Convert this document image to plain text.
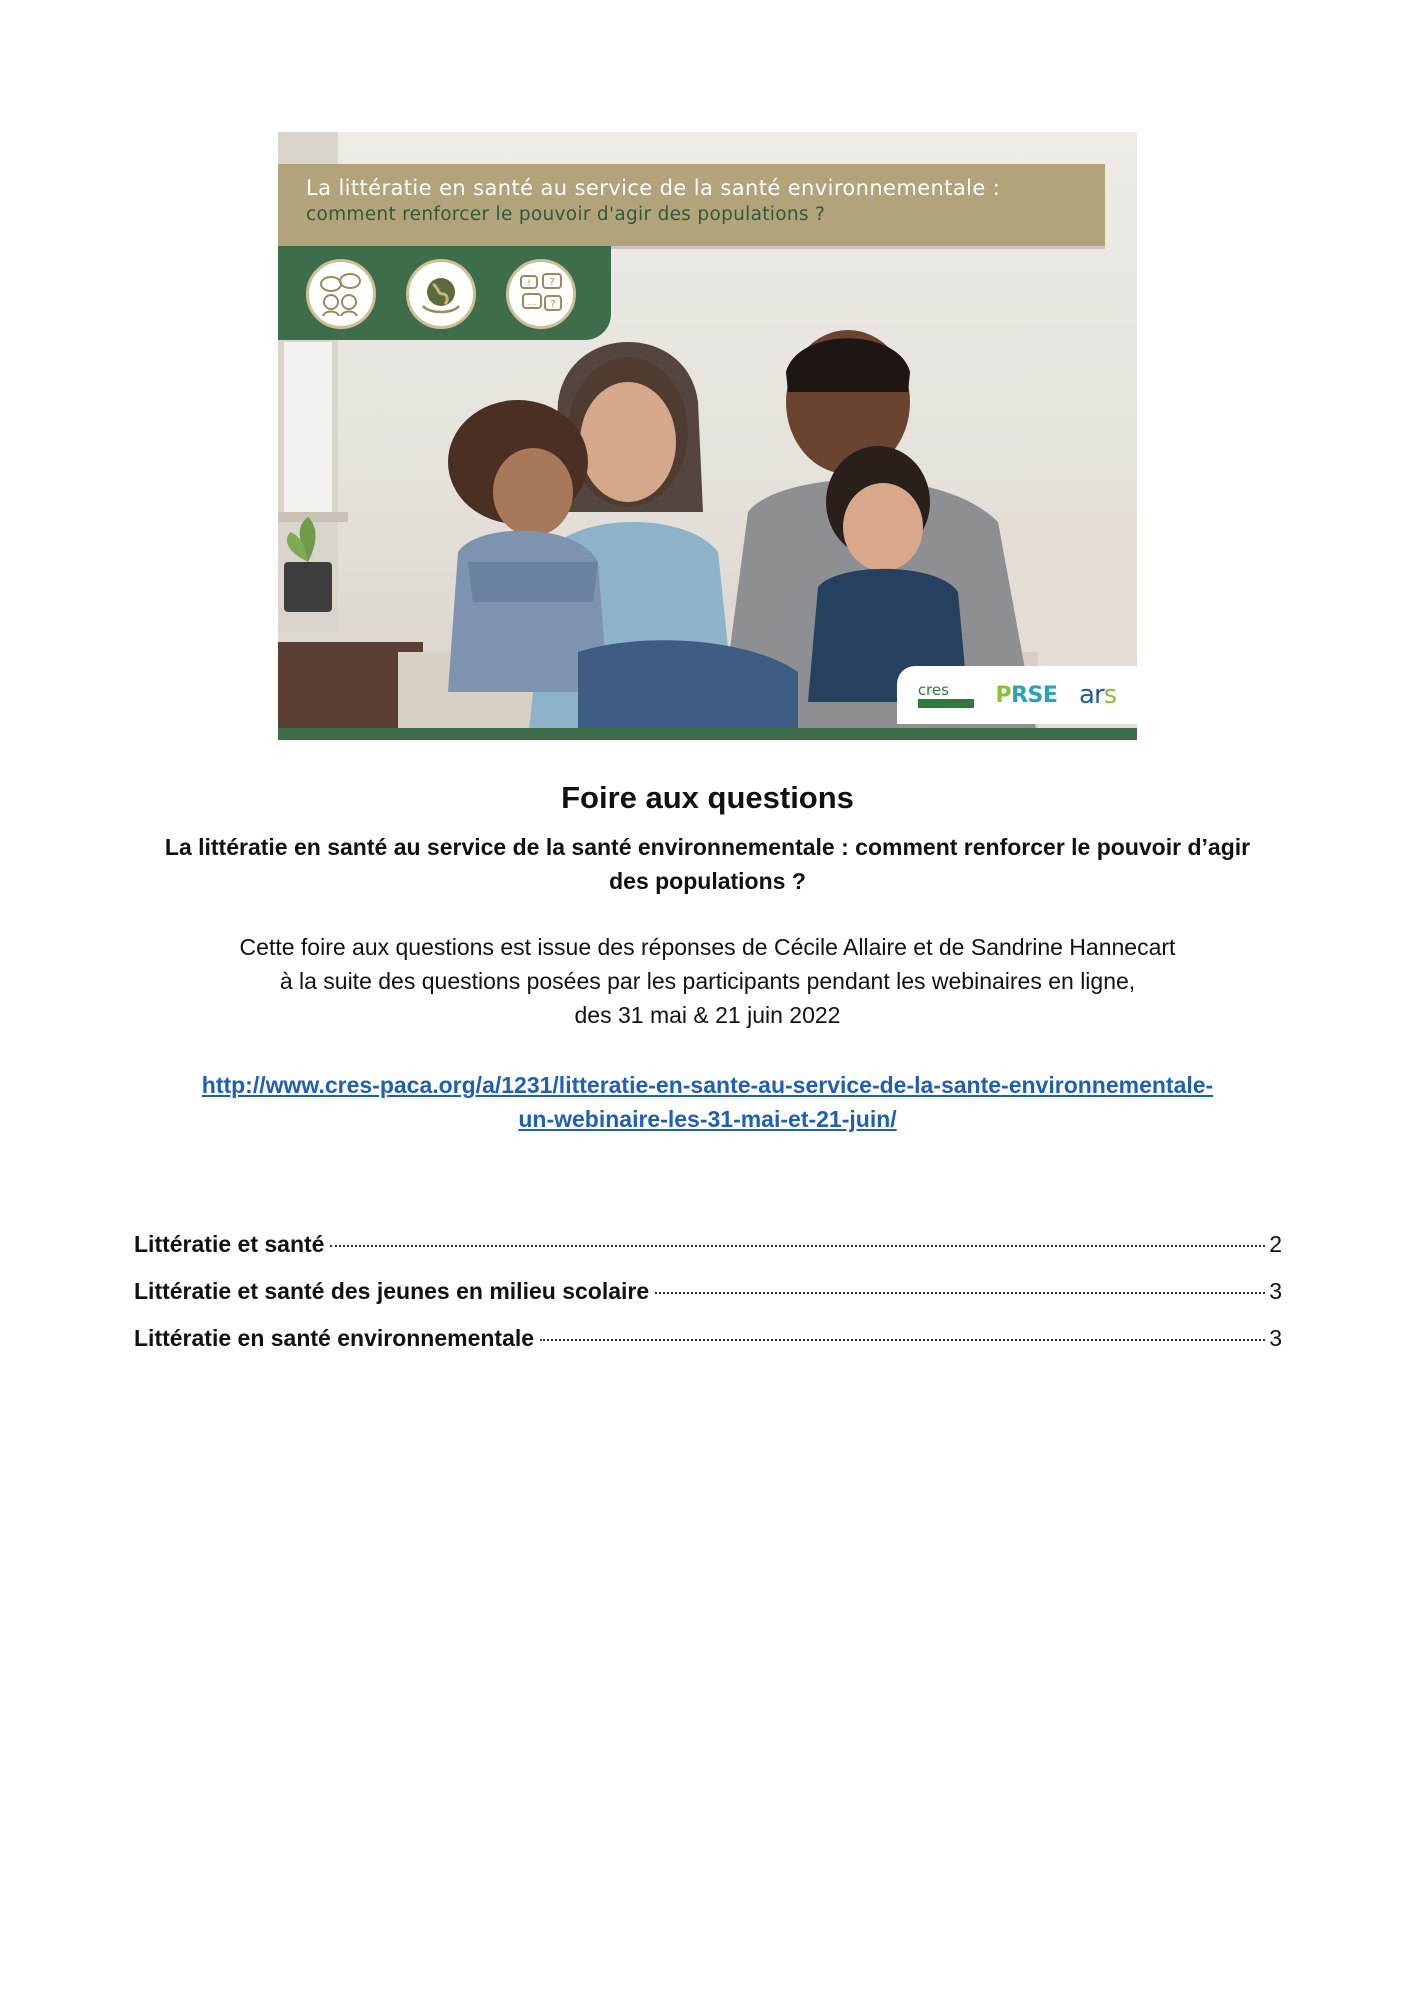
La littératie en santé au service de la santé environnementale :
comment renforcer le pouvoir d'agir des populations ?
! ?
… ?
cres PRSE ars
Foire aux questions
La littératie en santé au service de la santé environnementale : comment renforcer le pouvoir d’agir des populations ?
Cette foire aux questions est issue des réponses de Cécile Allaire et de Sandrine Hannecart
à la suite des questions posées par les participants pendant les webinaires en ligne,
des 31 mai & 21 juin 2022
http://www.cres-paca.org/a/1231/litteratie-en-sante-au-service-de-la-sante-environnementale-
un-webinaire-les-31-mai-et-21-juin/
Littératie et santé	2
Littératie et santé des jeunes en milieu scolaire	3
Littératie en santé environnementale	3
